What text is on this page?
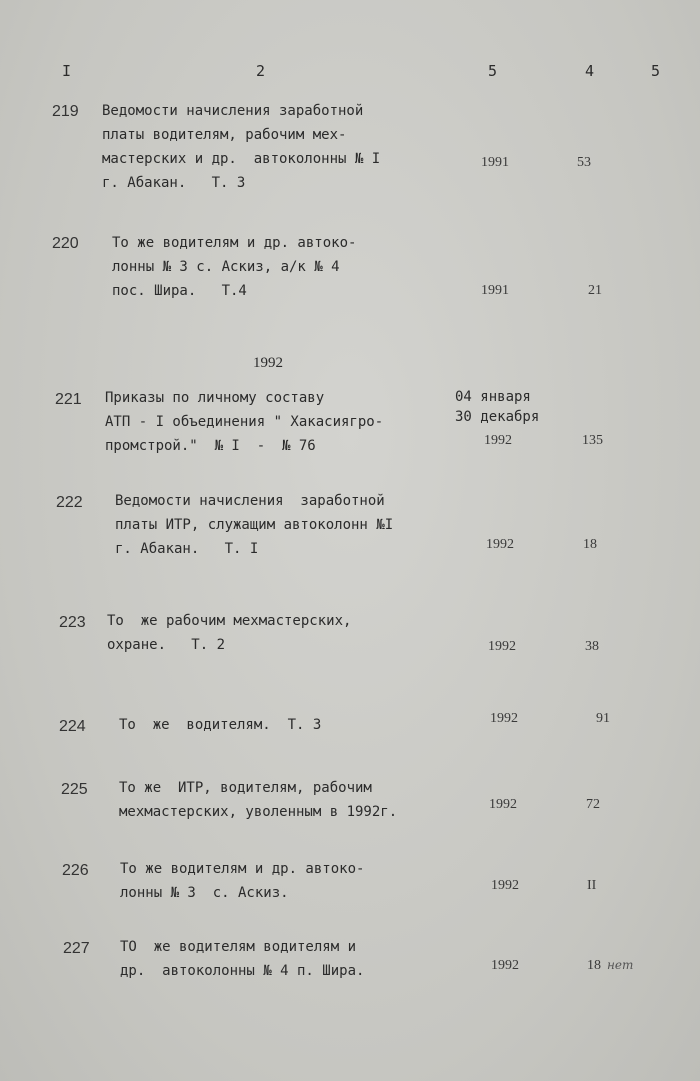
I	2	5	4	5
219 Ведомости начисления заработной
платы водителям, рабочим мех-
мастерских и др.  автоколонны № I
г. Абакан.   Т. 3
1991	53
220 То же водителям и др. автоко-
лонны № 3 с. Аскиз, а/к № 4
пос. Шира.   Т.4	1991	21
1992
221 Приказы по личному составу
АТП - I объединения " Хакасиягро-
промстрой."  № I  -  № 76
04 января
30 декабря
1992	135
222 Ведомости начисления  заработной
платы ИТР, служащим автоколонн №I
г. Абакан.   Т. I	1992	18
223 То  же рабочим мехмастерских,
охране.   Т. 2	1992	38
224 То  же  водителям.  Т. 3	1992	91
225 То же  ИТР, водителям, рабочим
мехмастерских, уволенным в 1992г.	1992	72
226 То же водителям и др. автоко-
лонны № 3  с. Аскиз.	1992	II
227 ТО  же водителям водителям и
др.  автоколонны № 4 п. Шира.	1992	18 нет
